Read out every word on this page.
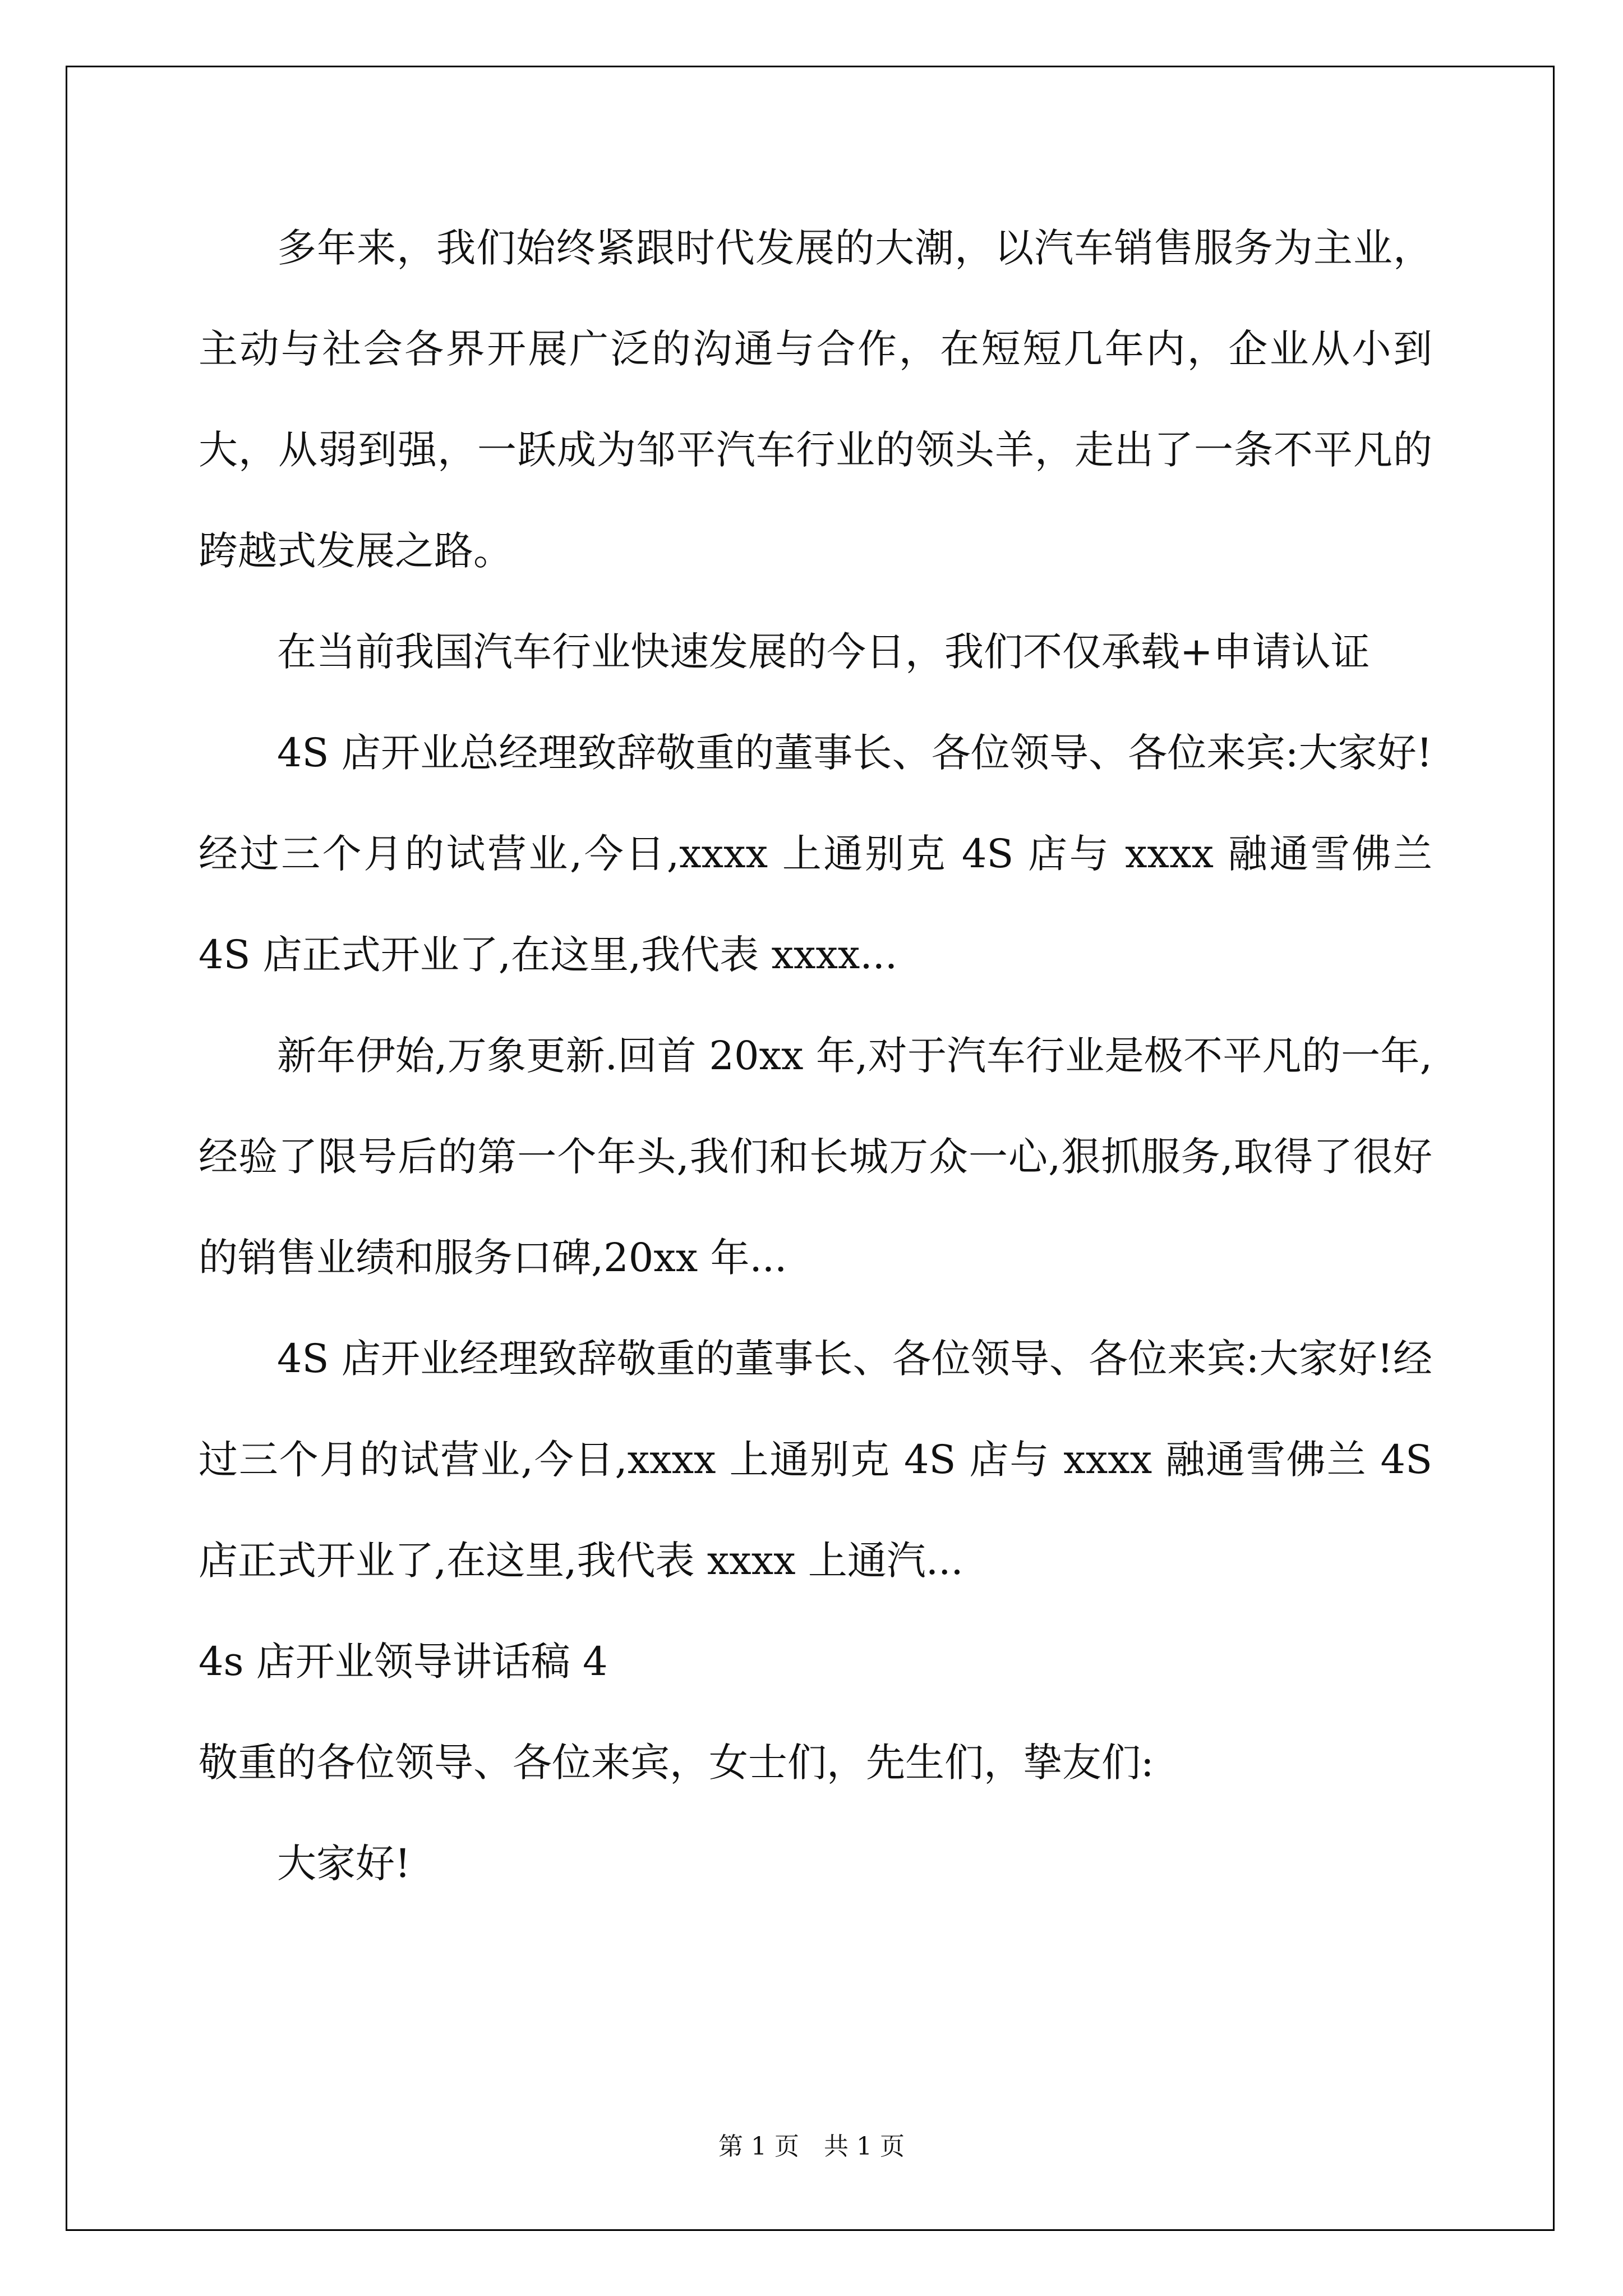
多年来，我们始终紧跟时代发展的大潮，以汽车销售服务为主业，主动与社会各界开展广泛的沟通与合作，在短短几年内，企业从小到大，从弱到强，一跃成为邹平汽车行业的领头羊，走出了一条不平凡的跨越式发展之路。

在当前我国汽车行业快速发展的今日，我们不仅承载+申请认证

4S 店开业总经理致辞敬重的董事长、各位领导、各位来宾:大家好!经过三个月的试营业,今日,xxxx 上通别克 4S 店与 xxxx 融通雪佛兰 4S 店正式开业了,在这里,我代表 xxxx...

新年伊始,万象更新.回首 20xx 年,对于汽车行业是极不平凡的一年,经验了限号后的第一个年头,我们和长城万众一心,狠抓服务,取得了很好的销售业绩和服务口碑,20xx 年...

4S 店开业经理致辞敬重的董事长、各位领导、各位来宾:大家好!经过三个月的试营业,今日,xxxx 上通别克 4S 店与 xxxx 融通雪佛兰 4S 店正式开业了,在这里,我代表 xxxx 上通汽...

4s 店开业领导讲话稿 4

敬重的各位领导、各位来宾，女士们，先生们，挚友们:

大家好!

第 1 页　共 1 页
